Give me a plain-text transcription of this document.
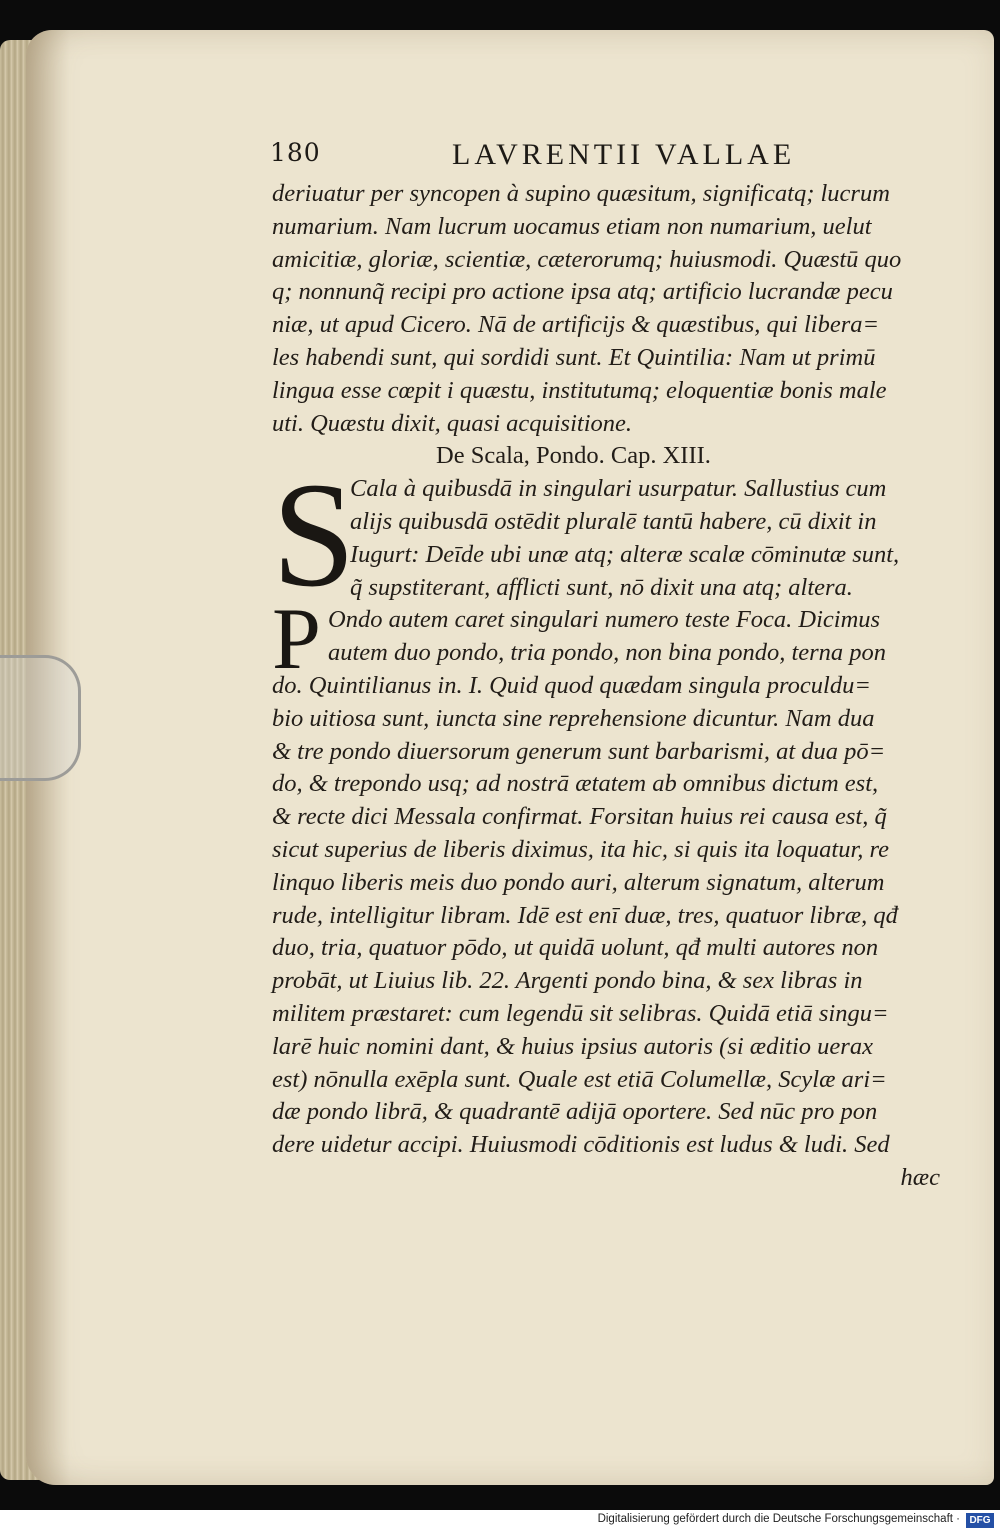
180	LAVRENTII VALLAE
deriuatur per syncopen à supino quæsitum, significatq; lucrum
numarium. Nam lucrum uocamus etiam non numarium, uelut
amicitiæ, gloriæ, scientiæ, cæterorumq; huiusmodi. Quæstū quo
q; nonnunq̃ recipi pro actione ipsa atq; artificio lucrandæ pecu
niæ, ut apud Cicero. Nā de artificijs & quæstibus, qui libera=
les habendi sunt, qui sordidi sunt. Et Quintilia: Nam ut primū
lingua esse cœpit i quæstu, institutumq; eloquentiæ bonis male
uti. Quæstu dixit, quasi acquisitione.
De Scala, Pondo. Cap. XIII.
S
Cala à quibusdā in singulari usurpatur. Sallustius cum
alijs quibusdā ostēdit pluralē tantū habere, cū dixit in
Iugurt: Deīde ubi unæ atq; alteræ scalæ cōminutæ sunt,
q̃ supstiterant, afflicti sunt, nō dixit una atq; altera.
P Ondo autem caret singulari numero teste Foca. Dicimus
autem duo pondo, tria pondo, non bina pondo, terna pon
do. Quintilianus in. I. Quid quod quædam singula proculdu=
bio uitiosa sunt, iuncta sine reprehensione dicuntur. Nam dua
& tre pondo diuersorum generum sunt barbarismi, at dua pō=
do, & trepondo usq; ad nostrā ætatem ab omnibus dictum est,
& recte dici Messala confirmat. Forsitan huius rei causa est, q̃
sicut superius de liberis diximus, ita hic, si quis ita loquatur, re
linquo liberis meis duo pondo auri, alterum signatum, alterum
rude, intelligitur libram. Idē est enī duæ, tres, quatuor libræ, qđ
duo, tria, quatuor pōdo, ut quidā uolunt, qđ multi autores non
probāt, ut Liuius lib. 22. Argenti pondo bina, & sex libras in
militem præstaret: cum legendū sit selibras. Quidā etiā singu=
larē huic nomini dant, & huius ipsius autoris (si æditio uerax
est) nōnulla exēpla sunt. Quale est etiā Columellæ, Scylæ ari=
dæ pondo librā, & quadrantē adijā oportere. Sed nūc pro pon
dere uidetur accipi. Huiusmodi cōditionis est ludus & ludi. Sed
hæc
Digitalisierung gefördert durch die Deutsche Forschungsgemeinschaft · DFG
